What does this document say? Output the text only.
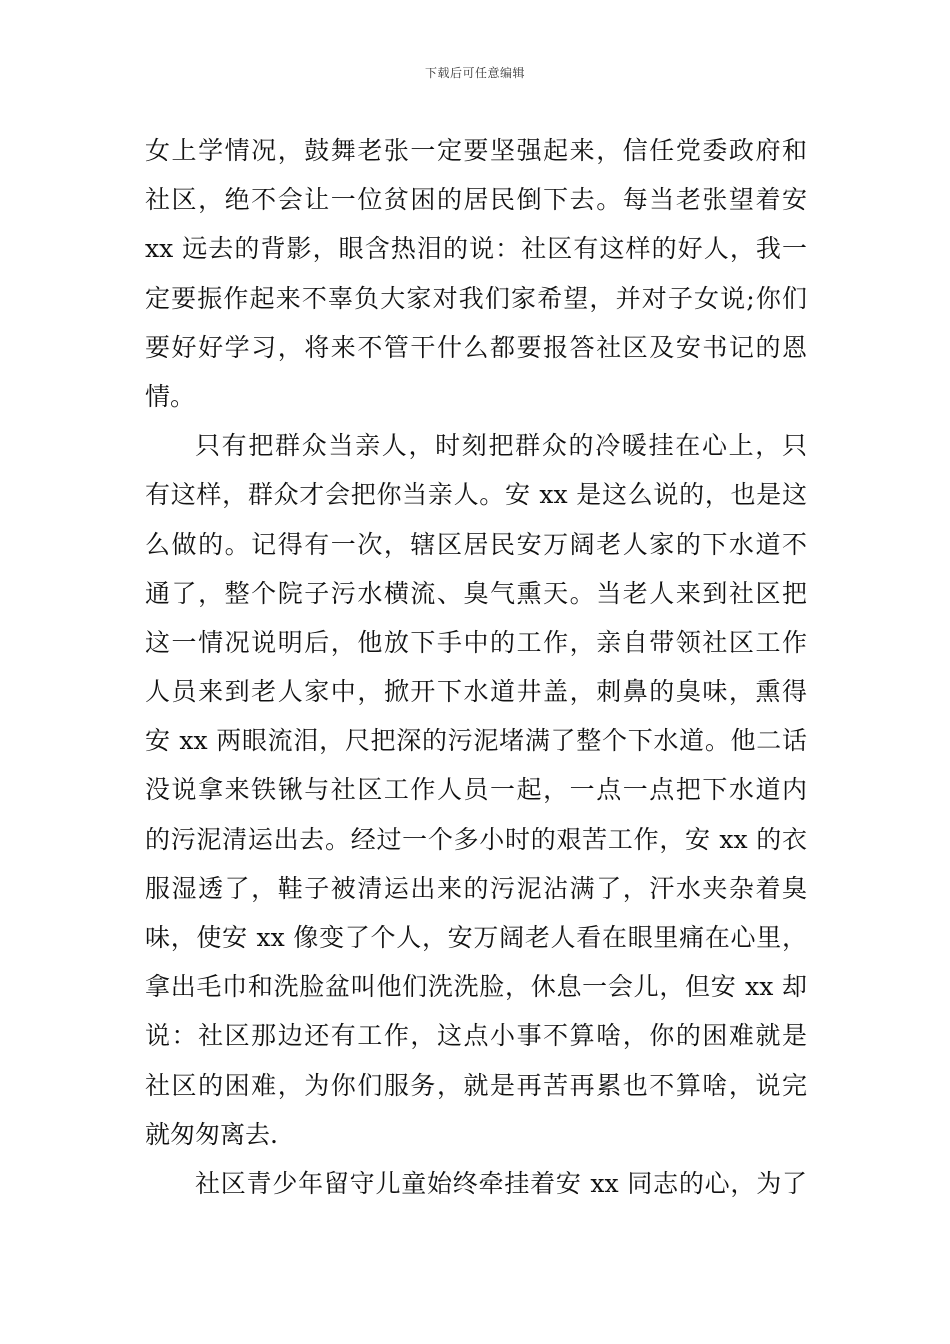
下载后可任意编辑
女上学情况，鼓舞老张一定要坚强起来，信任党委政府和
社区，绝不会让一位贫困的居民倒下去。每当老张望着安
xx 远去的背影，眼含热泪的说：社区有这样的好人，我一
定要振作起来不辜负大家对我们家希望，并对子女说;你们
要好好学习，将来不管干什么都要报答社区及安书记的恩
情。
只有把群众当亲人，时刻把群众的冷暖挂在心上，只
有这样，群众才会把你当亲人。安 xx 是这么说的，也是这
么做的。记得有一次，辖区居民安万阔老人家的下水道不
通了，整个院子污水横流、臭气熏天。当老人来到社区把
这一情况说明后，他放下手中的工作，亲自带领社区工作
人员来到老人家中，掀开下水道井盖，刺鼻的臭味，熏得
安 xx 两眼流泪，尺把深的污泥堵满了整个下水道。他二话
没说拿来铁锹与社区工作人员一起，一点一点把下水道内
的污泥清运出去。经过一个多小时的艰苦工作，安 xx 的衣
服湿透了，鞋子被清运出来的污泥沾满了，汗水夹杂着臭
味，使安 xx 像变了个人，安万阔老人看在眼里痛在心里，
拿出毛巾和洗脸盆叫他们洗洗脸，休息一会儿，但安 xx 却
说：社区那边还有工作，这点小事不算啥，你的困难就是
社区的困难，为你们服务，就是再苦再累也不算啥，说完
就匆匆离去.
社区青少年留守儿童始终牵挂着安 xx 同志的心，为了
